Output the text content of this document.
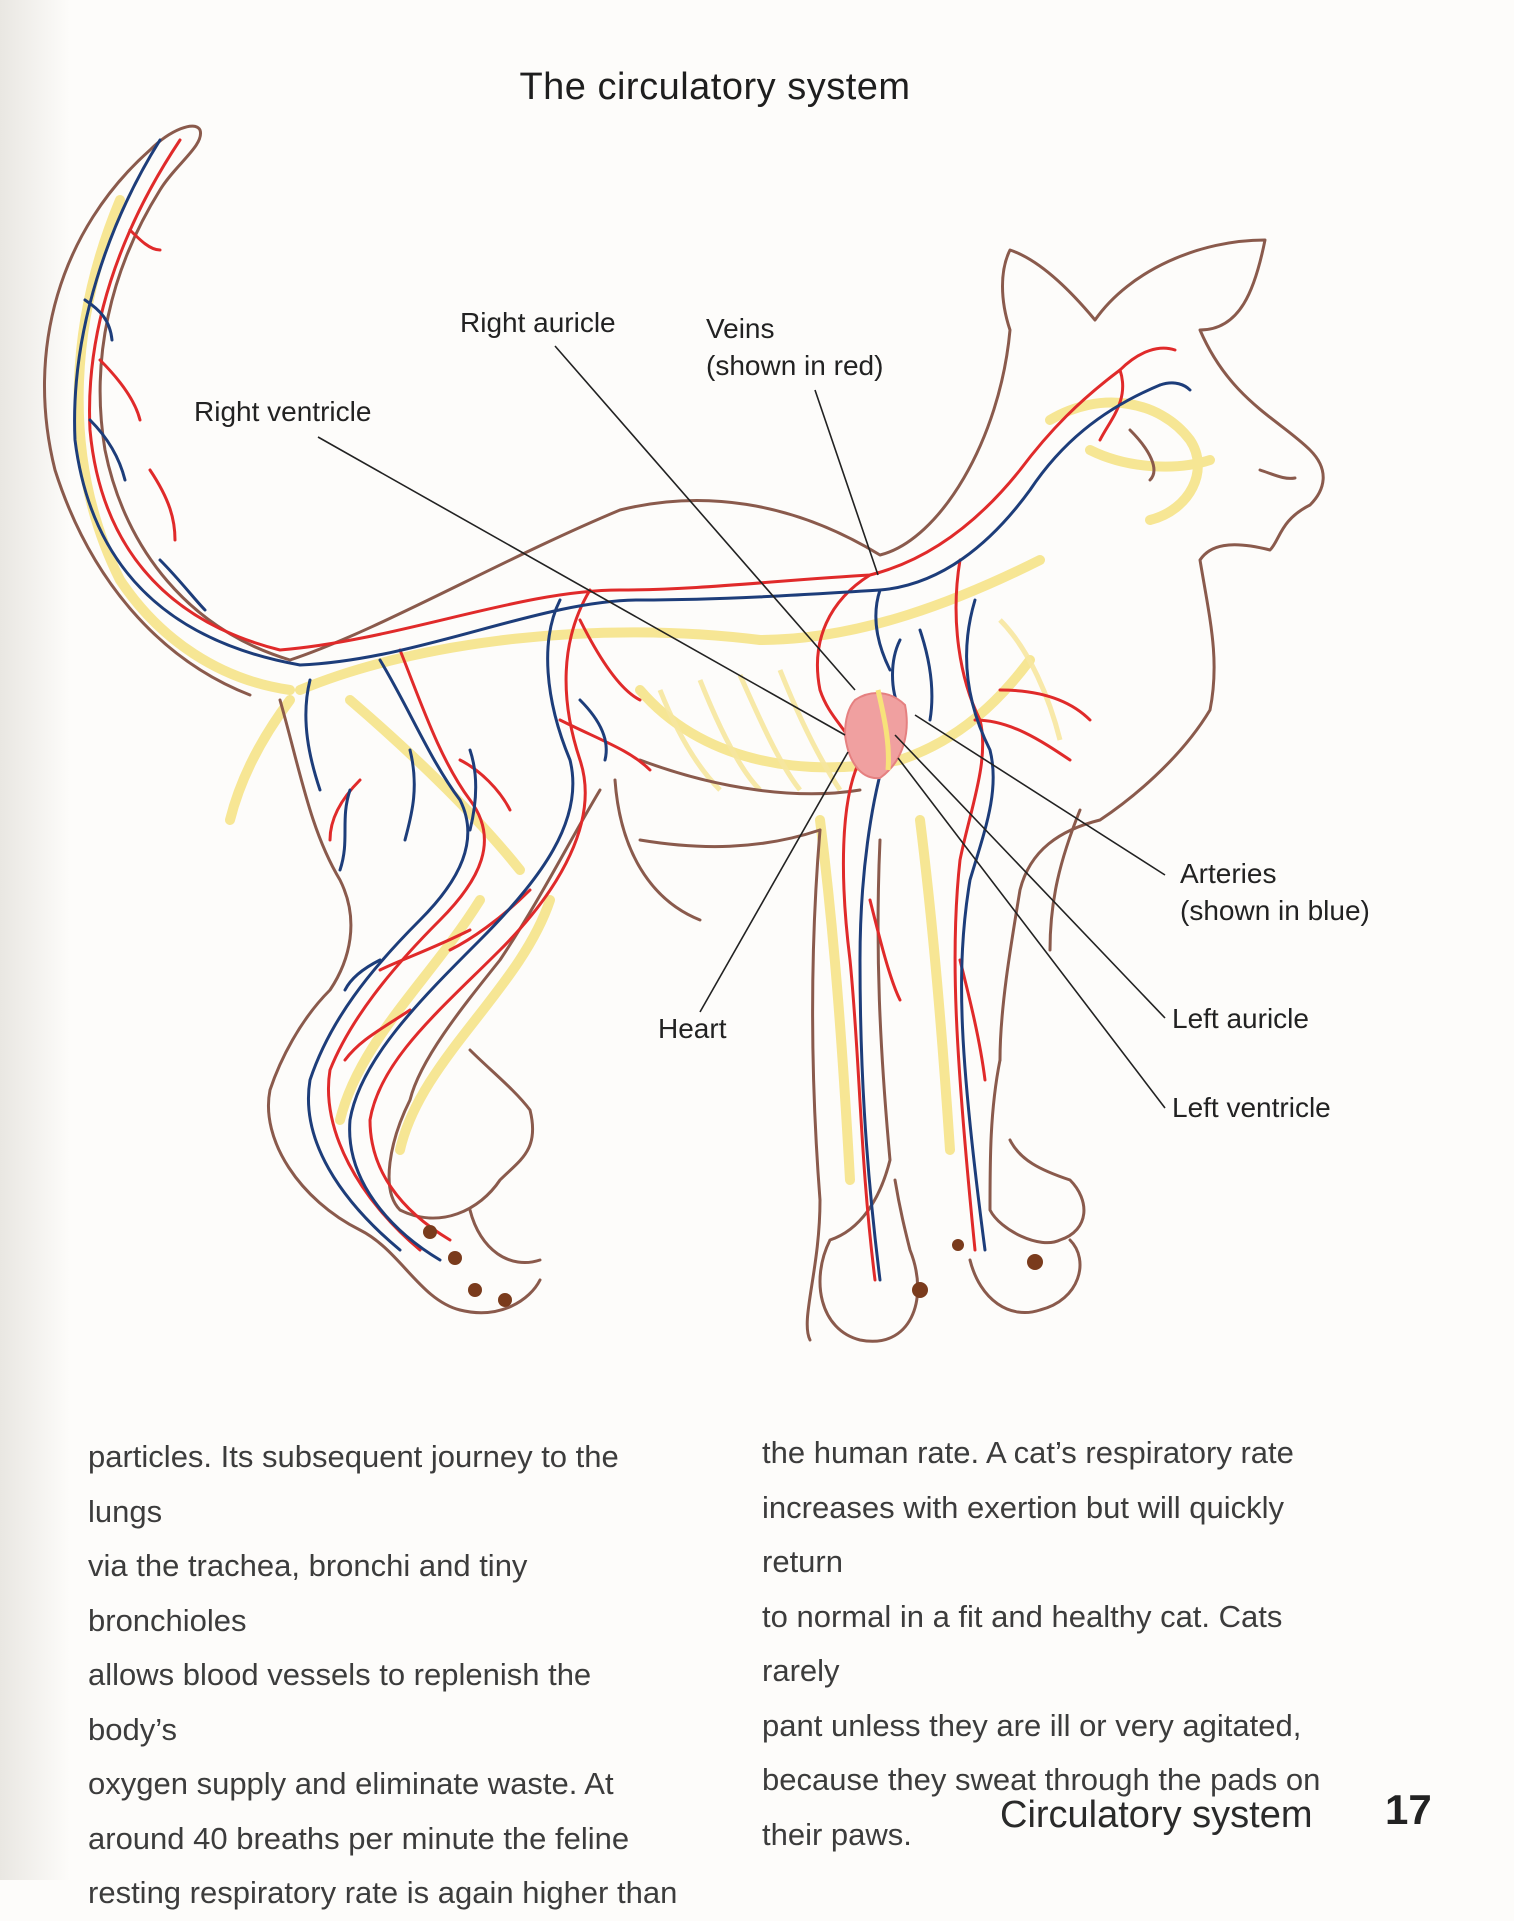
The circulatory system
Right auricle	Veins
(shown in red)
Right ventricle
Arteries
(shown in blue)
Heart	Left auricle
Left ventricle
particles. Its subsequent journey to the lungs
via the trachea, bronchi and tiny bronchioles
allows blood vessels to replenish the body’s
oxygen supply and eliminate waste. At
around 40 breaths per minute the feline
resting respiratory rate is again higher than
the human rate. A cat’s respiratory rate
increases with exertion but will quickly return
to normal in a fit and healthy cat. Cats rarely
pant unless they are ill or very agitated,
because they sweat through the pads on
their paws.	Circulatory system 17
